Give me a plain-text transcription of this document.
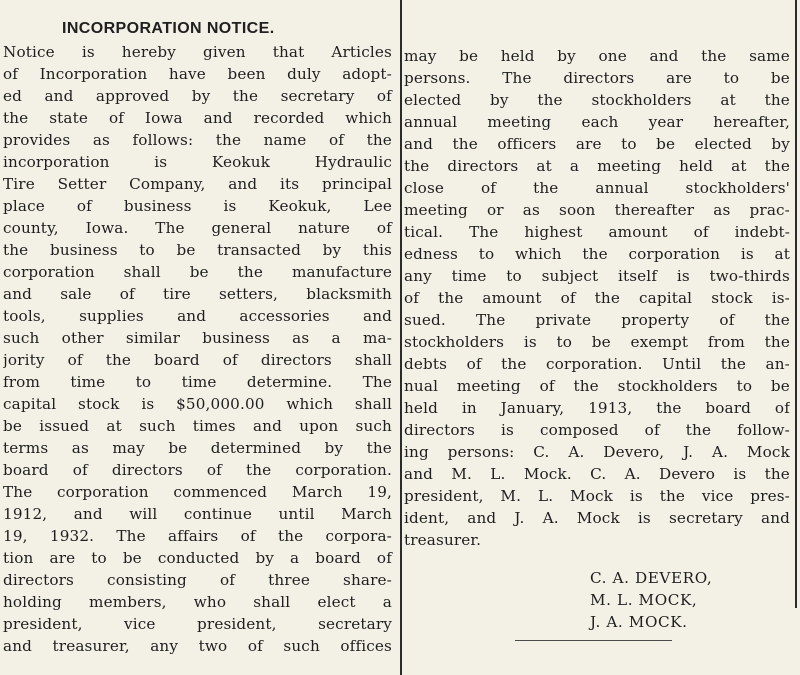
INCORPORATION NOTICE.
Notice is hereby given that Articles
of Incorporation have been duly adopt-
ed and approved by the secretary of
the state of Iowa and recorded which
provides as follows: the name of the
incorporation	is	Keokuk	Hydraulic
Tire Setter Company, and its principal
place of business is Keokuk, Lee
county, Iowa. The general nature of
the business to be transacted by this
corporation shall be the manufacture
and sale of tire setters, blacksmith
tools, supplies and accessories and
such other similar business as a ma-
jority of the board of directors shall
from time to time determine. The
capital stock is $50,000.00 which shall
be issued at such times and upon such
terms as may be determined by the
board of directors of the corporation.
The corporation commenced March 19,
1912, and will continue until March
19, 1932. The affairs of the corpora-
tion are to be conducted by a board of
directors consisting of three share-
holding members, who shall elect a
president,	vice	president,	secretary
and treasurer, any two of such offices
may be held by one and the same
persons. The directors are to be
elected by the stockholders at the
annual meeting each year hereafter,
and the officers are to be elected by
the directors at a meeting held at the
close of the annual stockholders'
meeting or as soon thereafter as prac-
tical. The highest amount of indebt-
edness to which the corporation is at
any time to subject itself is two-thirds
of the amount of the capital stock is-
sued. The private property of the
stockholders is to be exempt from the
debts of the corporation. Until the an-
nual meeting of the stockholders to be
held in January, 1913, the board of
directors is composed of the follow-
ing persons: C. A. Devero, J. A. Mock
and M. L. Mock. C. A. Devero is the
president, M. L. Mock is the vice pres-
ident, and J. A. Mock is secretary and
treasurer.
C. A. DEVERO,
M. L. MOCK,
J. A. MOCK.
